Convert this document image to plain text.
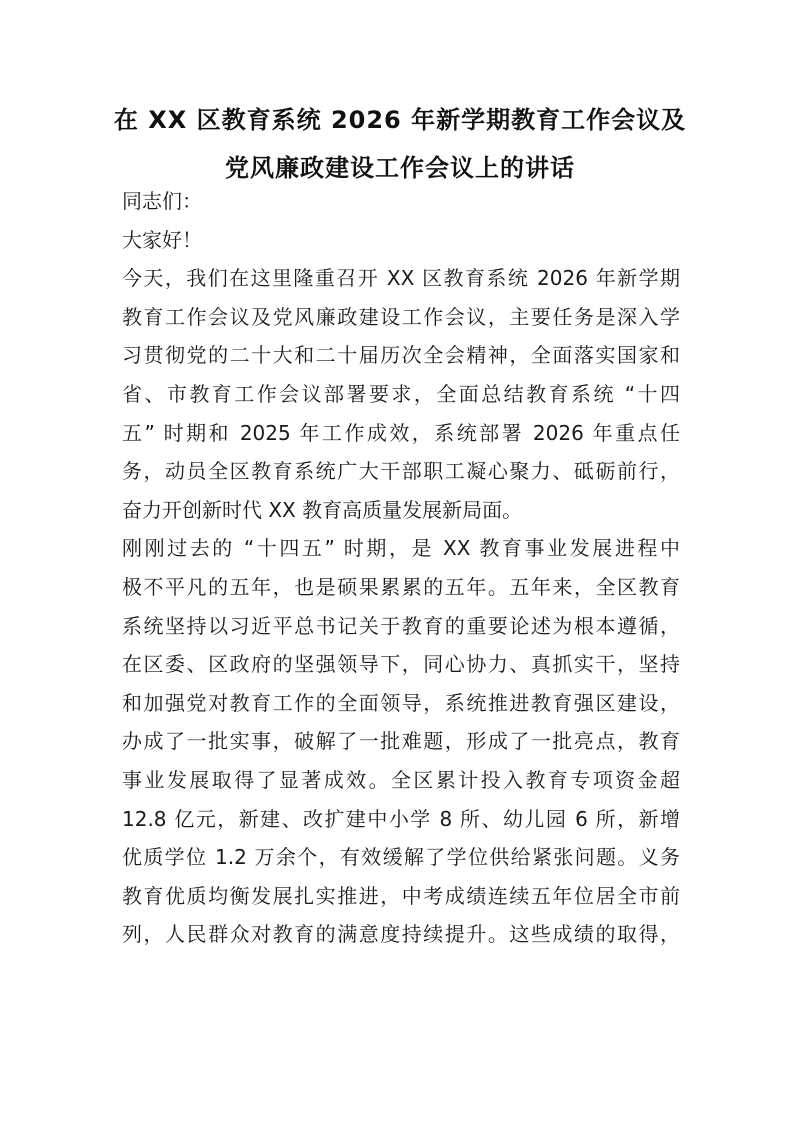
在 XX 区教育系统 2026 年新学期教育工作会议及
党风廉政建设工作会议上的讲话
同志们：
大家好！
今天，我们在这里隆重召开 XX 区教育系统 2026 年新学期
教育工作会议及党风廉政建设工作会议，主要任务是深入学
习贯彻党的二十大和二十届历次全会精神，全面落实国家和
省、市教育工作会议部署要求，全面总结教育系统 “十四
五” 时期和 2025 年工作成效，系统部署 2026 年重点任
务，动员全区教育系统广大干部职工凝心聚力、砥砺前行，
奋力开创新时代 XX 教育高质量发展新局面。
刚刚过去的 “十四五” 时期，是 XX 教育事业发展进程中
极不平凡的五年，也是硕果累累的五年。五年来，全区教育
系统坚持以习近平总书记关于教育的重要论述为根本遵循，
在区委、区政府的坚强领导下，同心协力、真抓实干，坚持
和加强党对教育工作的全面领导，系统推进教育强区建设，
办成了一批实事，破解了一批难题，形成了一批亮点，教育
事业发展取得了显著成效。全区累计投入教育专项资金超
12.8 亿元，新建、改扩建中小学 8 所、幼儿园 6 所，新增
优质学位 1.2 万余个，有效缓解了学位供给紧张问题。义务
教育优质均衡发展扎实推进，中考成绩连续五年位居全市前
列，人民群众对教育的满意度持续提升。这些成绩的取得，
